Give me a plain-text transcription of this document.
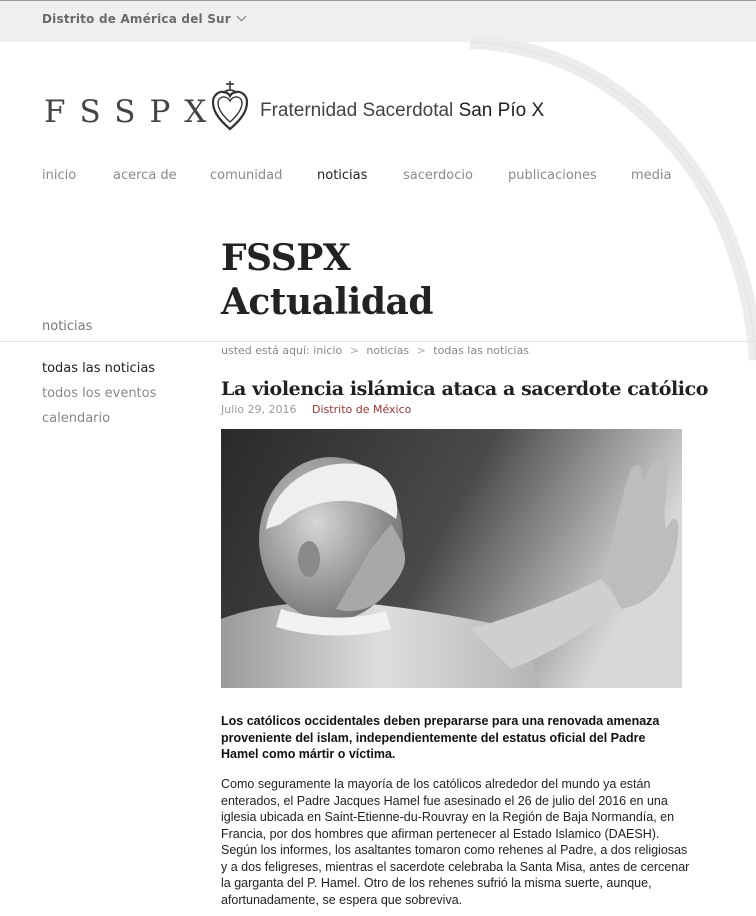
Distrito de América del Sur
FSSPX Fraternidad Sacerdotal San Pío X
inicio	acerca de	comunidad	noticias	sacerdocio	publicaciones	media
FSSPX
Actualidad
noticias
todas las noticias
todos los eventos
calendario
usted está aquí: inicio > noticias > todas las noticias
La violencia islámica ataca a sacerdote católico
Julio 29, 2016 Distrito de México

Los católicos occidentales deben prepararse para una renovada amenaza proveniente del islam, independientemente del estatus oficial del Padre Hamel como mártir o víctima.

Como seguramente la mayoría de los católicos alrededor del mundo ya están enterados, el Padre Jacques Hamel fue asesinado el 26 de julio del 2016 en una iglesia ubicada en Saint-Etienne-du-Rouvray en la Región de Baja Normandía, en Francia, por dos hombres que afirman pertenecer al Estado Islamico (DAESH). Según los informes, los asaltantes tomaron como rehenes al Padre, a dos religiosas y a dos feligreses, mientras el sacerdote celebraba la Santa Misa, antes de cercenar la garganta del P. Hamel. Otro de los rehenes sufrió la misma suerte, aunque, afortunadamente, se espera que sobreviva.
